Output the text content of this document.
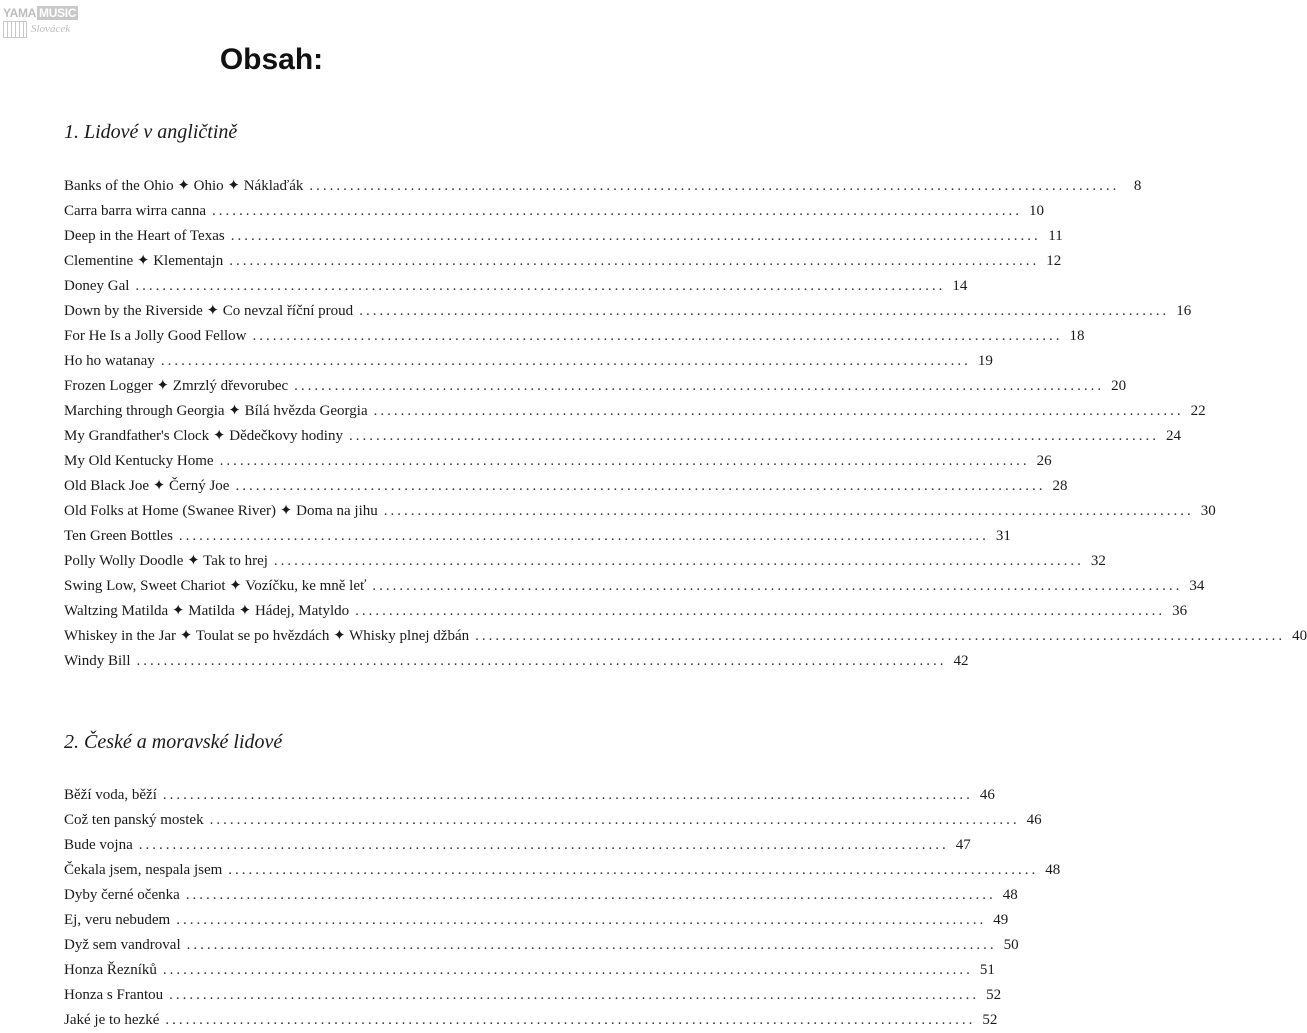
YAMA MUSIC
Slovácek
Obsah:
1. Lidové v angličtině
Banks of the Ohio ✦ Ohio ✦ Náklaďák ........................................................................................................................ 8
Carra barra wirra canna ........................................................................................................................ 10
Deep in the Heart of Texas ........................................................................................................................ 11
Clementine ✦ Klementajn ........................................................................................................................ 12
Doney Gal ........................................................................................................................ 14
Down by the Riverside ✦ Co nevzal říční proud ........................................................................................................................ 16
For He Is a Jolly Good Fellow ........................................................................................................................ 18
Ho ho watanay ........................................................................................................................ 19
Frozen Logger ✦ Zmrzlý dřevorubec ........................................................................................................................ 20
Marching through Georgia ✦ Bílá hvězda Georgia ........................................................................................................................ 22
My Grandfather's Clock ✦ Dědečkovy hodiny ........................................................................................................................ 24
My Old Kentucky Home ........................................................................................................................ 26
Old Black Joe ✦ Černý Joe ........................................................................................................................ 28
Old Folks at Home (Swanee River) ✦ Doma na jihu ........................................................................................................................ 30
Ten Green Bottles ........................................................................................................................ 31
Polly Wolly Doodle ✦ Tak to hrej ........................................................................................................................ 32
Swing Low, Sweet Chariot ✦ Vozíčku, ke mně leť ........................................................................................................................ 34
Waltzing Matilda ✦ Matilda ✦ Hádej, Matyldo ........................................................................................................................ 36
Whiskey in the Jar ✦ Toulat se po hvězdách ✦ Whisky plnej džbán ........................................................................................................................ 40
Windy Bill ........................................................................................................................ 42
2. České a moravské lidové
Běží voda, běží ........................................................................................................................ 46
Což ten panský mostek ........................................................................................................................ 46
Bude vojna ........................................................................................................................ 47
Čekala jsem, nespala jsem ........................................................................................................................ 48
Dyby černé očenka ........................................................................................................................ 48
Ej, veru nebudem ........................................................................................................................ 49
Dyž sem vandroval ........................................................................................................................ 50
Honza Řezníků ........................................................................................................................ 51
Honza s Frantou ........................................................................................................................ 52
Jaké je to hezké ........................................................................................................................ 52
